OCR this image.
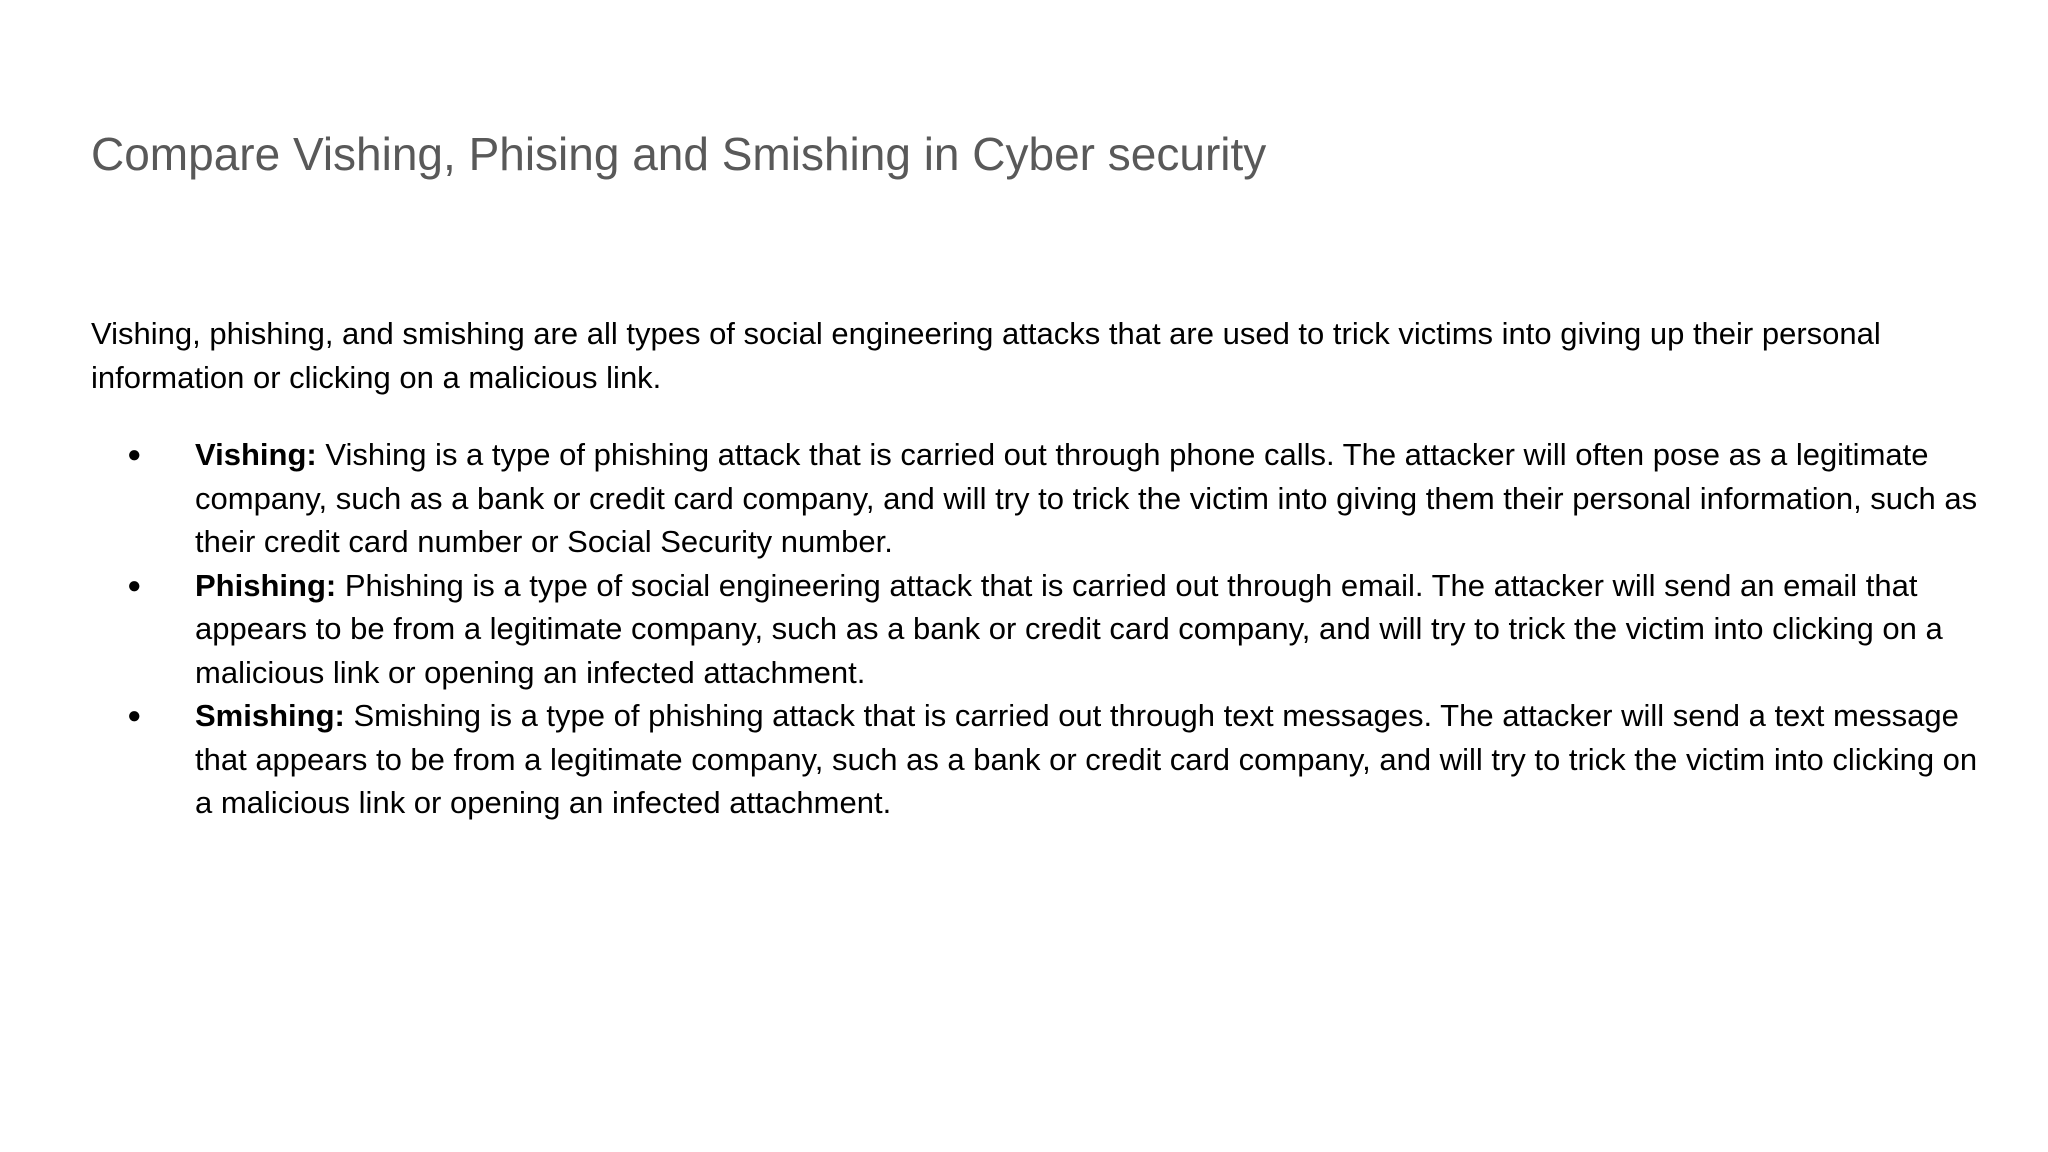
Compare Vishing, Phising and Smishing in Cyber security

Vishing, phishing, and smishing are all types of social engineering attacks that are used to trick victims into giving up their personal information or clicking on a malicious link.

● Vishing: Vishing is a type of phishing attack that is carried out through phone calls. The attacker will often pose as a legitimate company, such as a bank or credit card company, and will try to trick the victim into giving them their personal information, such as their credit card number or Social Security number.
● Phishing: Phishing is a type of social engineering attack that is carried out through email. The attacker will send an email that appears to be from a legitimate company, such as a bank or credit card company, and will try to trick the victim into clicking on a malicious link or opening an infected attachment.
● Smishing: Smishing is a type of phishing attack that is carried out through text messages. The attacker will send a text message that appears to be from a legitimate company, such as a bank or credit card company, and will try to trick the victim into clicking on a malicious link or opening an infected attachment.
